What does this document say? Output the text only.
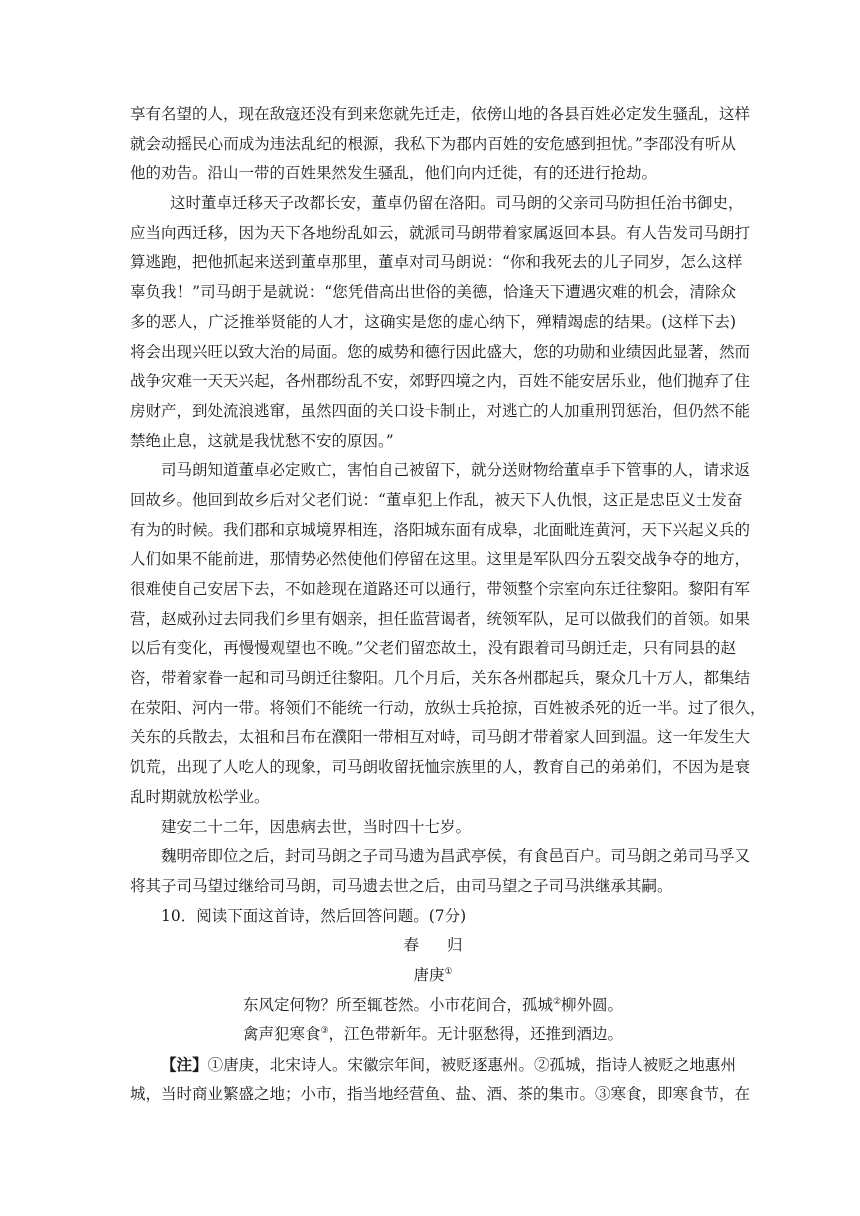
享有名望的人，现在敌寇还没有到来您就先迁走，依傍山地的各县百姓必定发生骚乱，这样
就会动摇民心而成为违法乱纪的根源，我私下为郡内百姓的安危感到担忧。”李邵没有听从
他的劝告。沿山一带的百姓果然发生骚乱，他们向内迁徙，有的还进行抢劫。
这时董卓迁移天子改都长安，董卓仍留在洛阳。司马朗的父亲司马防担任治书御史，
应当向西迁移，因为天下各地纷乱如云，就派司马朗带着家属返回本县。有人告发司马朗打
算逃跑，把他抓起来送到董卓那里，董卓对司马朗说：“你和我死去的儿子同岁，怎么这样
辜负我！”司马朗于是就说：“您凭借高出世俗的美德，恰逢天下遭遇灾难的机会，清除众
多的恶人，广泛推举贤能的人才，这确实是您的虚心纳下，殚精竭虑的结果。(这样下去)
将会出现兴旺以致大治的局面。您的威势和德行因此盛大，您的功勋和业绩因此显著，然而
战争灾难一天天兴起，各州郡纷乱不安，郊野四境之内，百姓不能安居乐业，他们抛弃了住
房财产，到处流浪逃窜，虽然四面的关口设卡制止，对逃亡的人加重刑罚惩治，但仍然不能
禁绝止息，这就是我忧愁不安的原因。”
司马朗知道董卓必定败亡，害怕自己被留下，就分送财物给董卓手下管事的人，请求返
回故乡。他回到故乡后对父老们说：“董卓犯上作乱，被天下人仇恨，这正是忠臣义士发奋
有为的时候。我们郡和京城境界相连，洛阳城东面有成皋，北面毗连黄河，天下兴起义兵的
人们如果不能前进，那情势必然使他们停留在这里。这里是军队四分五裂交战争夺的地方，
很难使自己安居下去，不如趁现在道路还可以通行，带领整个宗室向东迁往黎阳。黎阳有军
营，赵威孙过去同我们乡里有姻亲，担任监营谒者，统领军队，足可以做我们的首领。如果
以后有变化，再慢慢观望也不晚。”父老们留恋故土，没有跟着司马朗迁走，只有同县的赵
咨，带着家眷一起和司马朗迁往黎阳。几个月后，关东各州郡起兵，聚众几十万人，都集结
在荥阳、河内一带。将领们不能统一行动，放纵士兵抢掠，百姓被杀死的近一半。过了很久，
关东的兵散去，太祖和吕布在濮阳一带相互对峙，司马朗才带着家人回到温。这一年发生大
饥荒，出现了人吃人的现象，司马朗收留抚恤宗族里的人，教育自己的弟弟们，不因为是衰
乱时期就放松学业。
建安二十二年，因患病去世，当时四十七岁。
魏明帝即位之后，封司马朗之子司马遗为昌武亭侯，有食邑百户。司马朗之弟司马孚又
将其子司马望过继给司马朗，司马遗去世之后，由司马望之子司马洪继承其嗣。
10．阅读下面这首诗，然后回答问题。(7分)
春 归
唐庚①
东风定何物？所至辄苍然。小市花间合，孤城②柳外圆。
禽声犯寒食③，江色带新年。无计驱愁得，还推到酒边。
【注】①唐庚，北宋诗人。宋徽宗年间，被贬逐惠州。②孤城，指诗人被贬之地惠州
城，当时商业繁盛之地；小市，指当地经营鱼、盐、酒、茶的集市。③寒食，即寒食节，在
